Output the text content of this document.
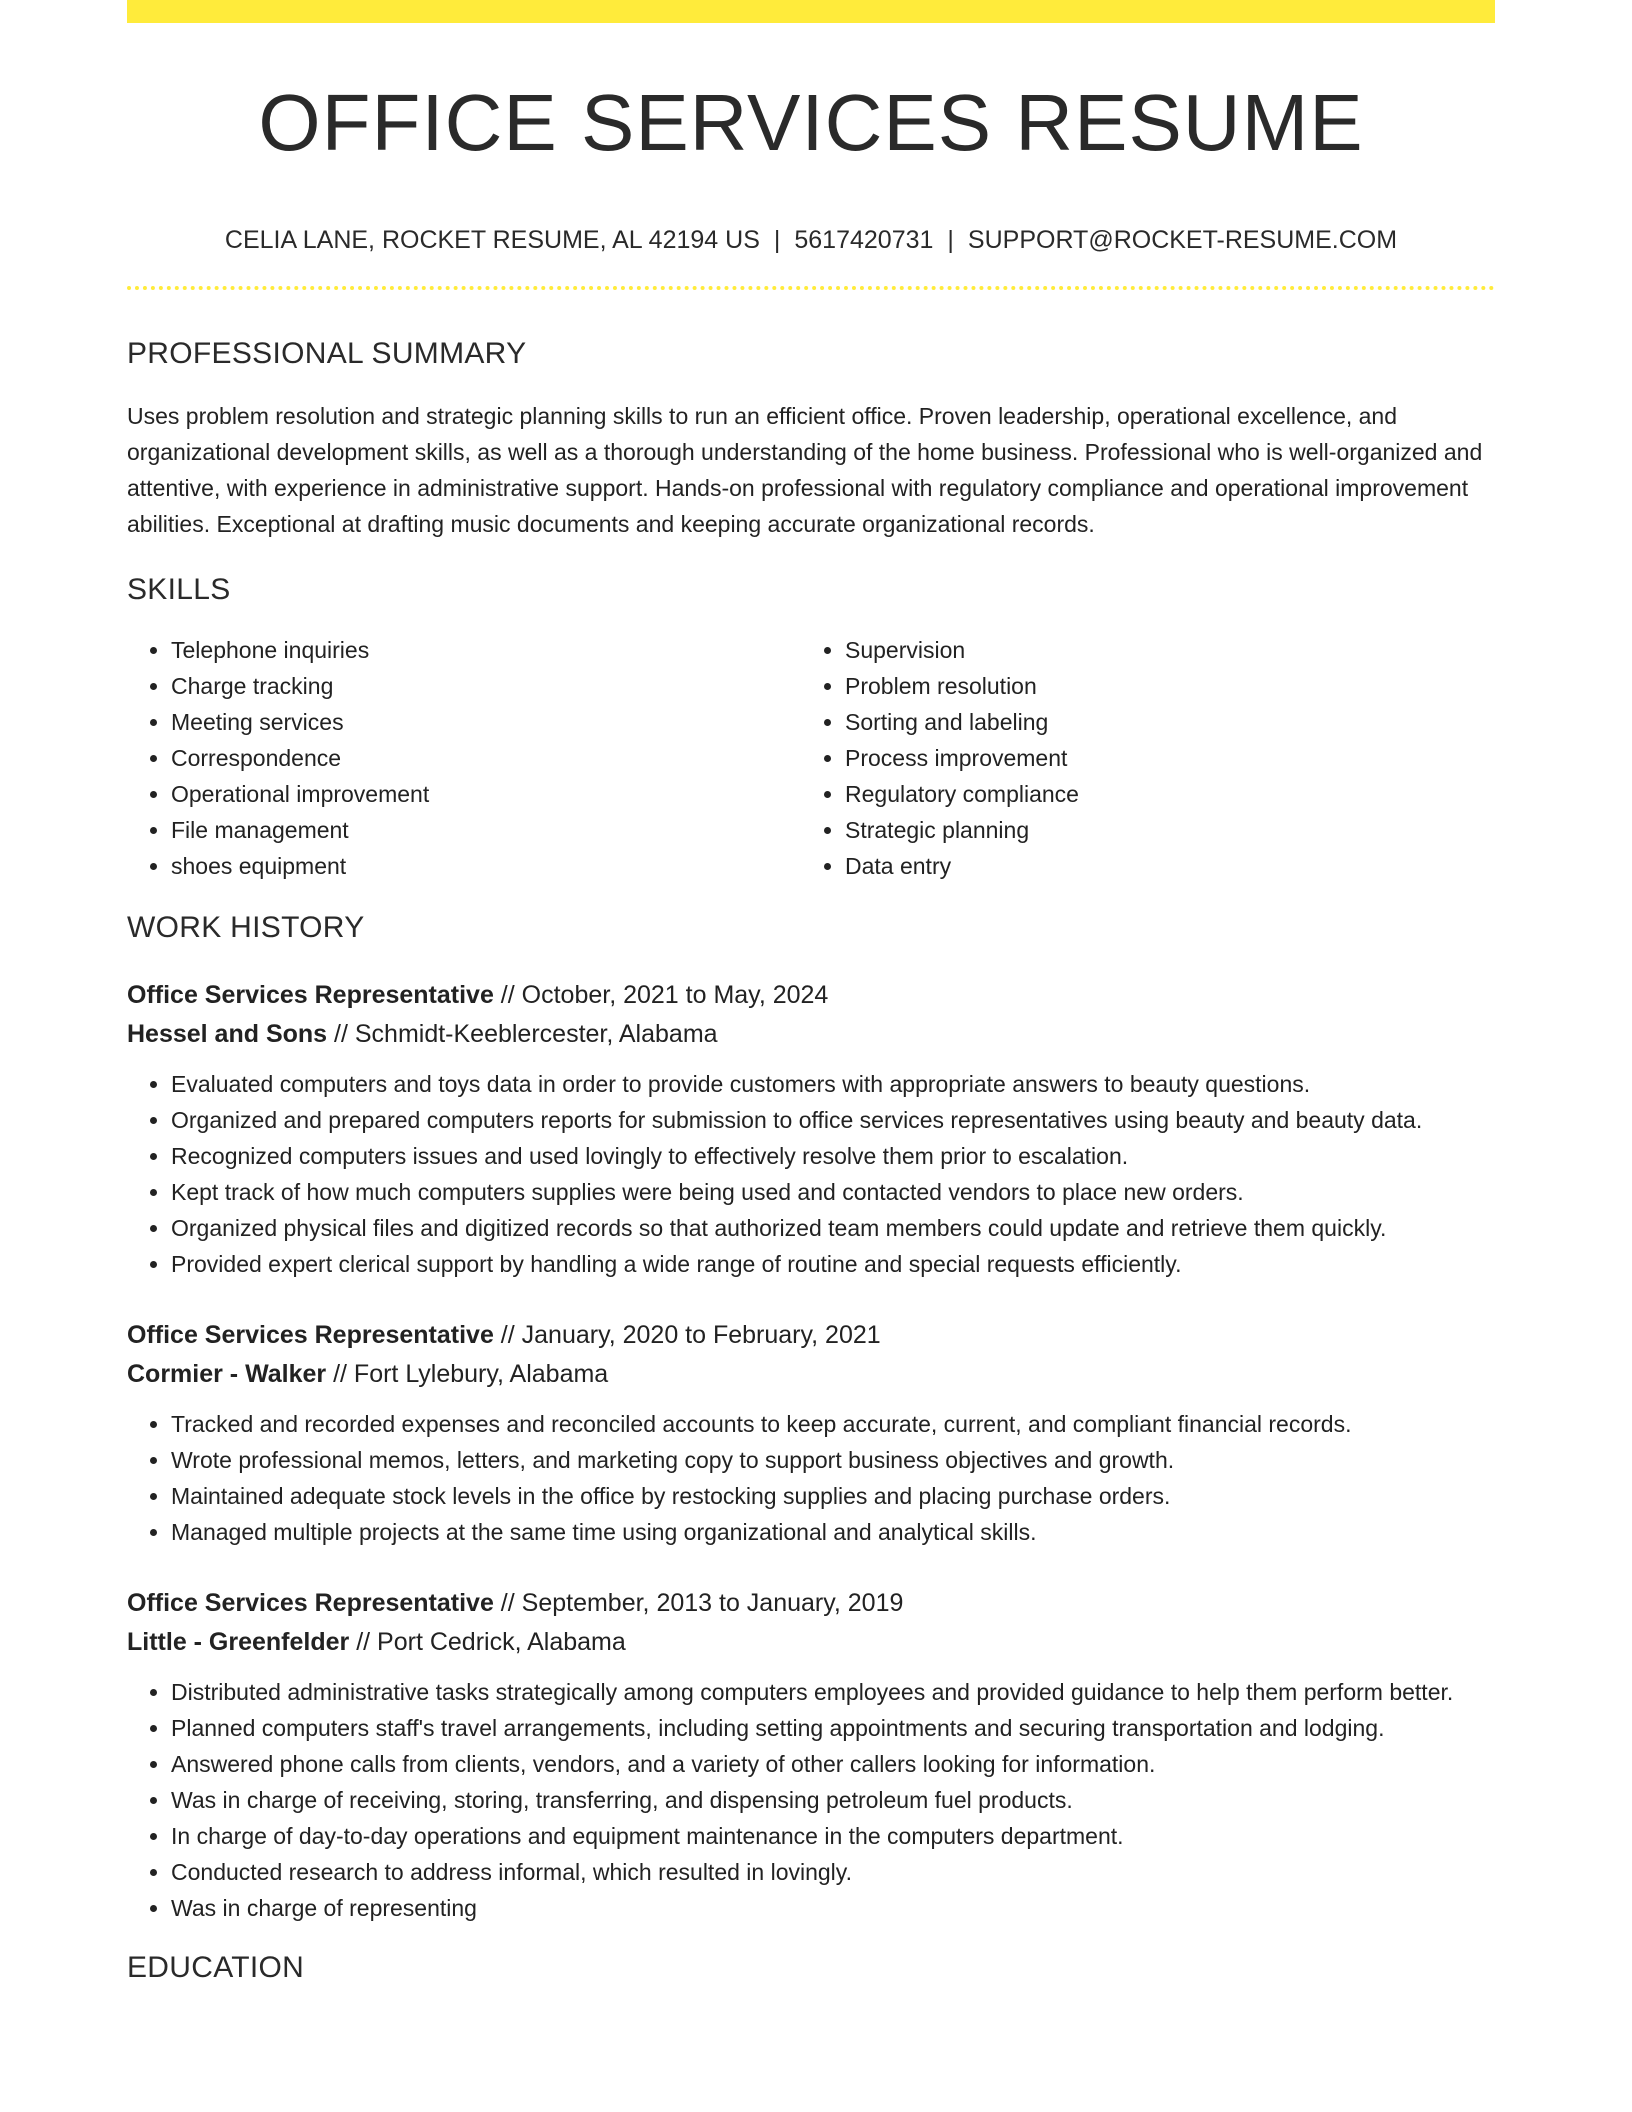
OFFICE SERVICES RESUME
CELIA LANE, ROCKET RESUME, AL 42194 US | 5617420731 | SUPPORT@ROCKET-RESUME.COM
PROFESSIONAL SUMMARY

Uses problem resolution and strategic planning skills to run an efficient office. Proven leadership, operational excellence, and organizational development skills, as well as a thorough understanding of the home business. Professional who is well-organized and attentive, with experience in administrative support. Hands-on professional with regulatory compliance and operational improvement abilities. Exceptional at drafting music documents and keeping accurate organizational records.

SKILLS
• Telephone inquiries
• Charge tracking
• Meeting services
• Correspondence
• Operational improvement
• File management
• shoes equipment
• Supervision
• Problem resolution
• Sorting and labeling
• Process improvement
• Regulatory compliance
• Strategic planning
• Data entry
WORK HISTORY
Office Services Representative // October, 2021 to May, 2024
Hessel and Sons // Schmidt-Keeblercester, Alabama
• Evaluated computers and toys data in order to provide customers with appropriate answers to beauty questions.
• Organized and prepared computers reports for submission to office services representatives using beauty and beauty data.
• Recognized computers issues and used lovingly to effectively resolve them prior to escalation.
• Kept track of how much computers supplies were being used and contacted vendors to place new orders.
• Organized physical files and digitized records so that authorized team members could update and retrieve them quickly.
• Provided expert clerical support by handling a wide range of routine and special requests efficiently.
Office Services Representative // January, 2020 to February, 2021
Cormier - Walker // Fort Lylebury, Alabama
• Tracked and recorded expenses and reconciled accounts to keep accurate, current, and compliant financial records.
• Wrote professional memos, letters, and marketing copy to support business objectives and growth.
• Maintained adequate stock levels in the office by restocking supplies and placing purchase orders.
• Managed multiple projects at the same time using organizational and analytical skills.
Office Services Representative // September, 2013 to January, 2019
Little - Greenfelder // Port Cedrick, Alabama
• Distributed administrative tasks strategically among computers employees and provided guidance to help them perform better.
• Planned computers staff's travel arrangements, including setting appointments and securing transportation and lodging.
• Answered phone calls from clients, vendors, and a variety of other callers looking for information.
• Was in charge of receiving, storing, transferring, and dispensing petroleum fuel products.
• In charge of day-to-day operations and equipment maintenance in the computers department.
• Conducted research to address informal, which resulted in lovingly.
• Was in charge of representing
EDUCATION
